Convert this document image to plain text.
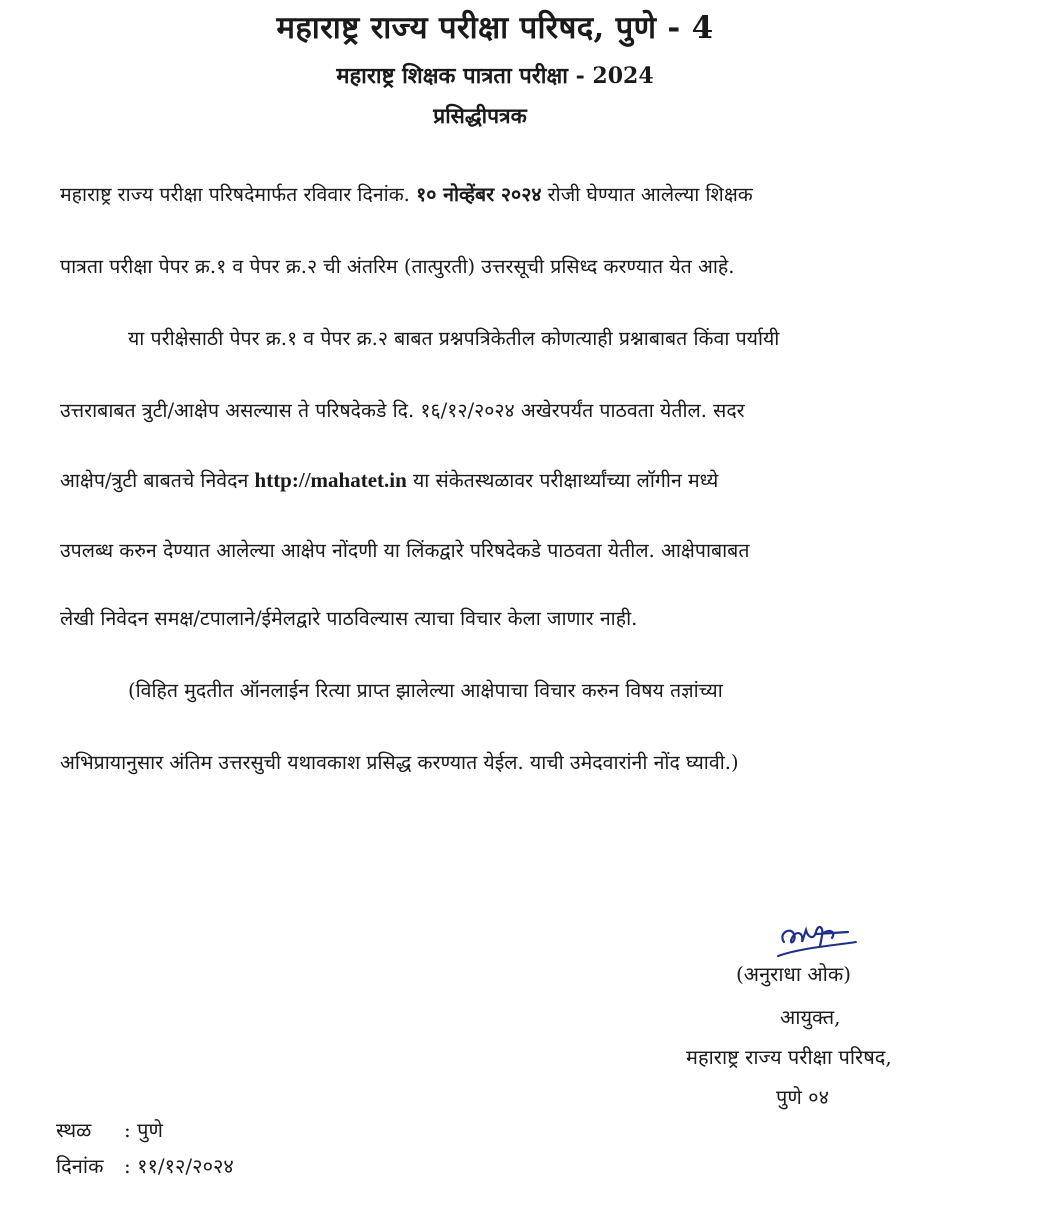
महाराष्ट्र राज्य परीक्षा परिषद, पुणे - 4
महाराष्ट्र शिक्षक पात्रता परीक्षा - 2024
प्रसिद्धीपत्रक
महाराष्ट्र राज्य परीक्षा परिषदेमार्फत रविवार दिनांक. १० नोव्हेंबर २०२४ रोजी घेण्यात आलेल्या शिक्षक
पात्रता परीक्षा पेपर क्र.१ व पेपर क्र.२ ची अंतरिम (तात्पुरती) उत्तरसूची प्रसिध्द करण्यात येत आहे.
या परीक्षेसाठी पेपर क्र.१ व पेपर क्र.२ बाबत प्रश्नपत्रिकेतील कोणत्याही प्रश्नाबाबत किंवा पर्यायी
उत्तराबाबत त्रुटी/आक्षेप असल्यास ते परिषदेकडे दि. १६/१२/२०२४ अखेरपर्यंत पाठवता येतील. सदर
आक्षेप/त्रुटी बाबतचे निवेदन http://mahatet.in या संकेतस्थळावर परीक्षार्थ्यांच्या लॉगीन मध्ये
उपलब्ध करुन देण्यात आलेल्या आक्षेप नोंदणी या लिंकद्वारे परिषदेकडे पाठवता येतील. आक्षेपाबाबत
लेखी निवेदन समक्ष/टपालाने/ईमेलद्वारे पाठविल्यास त्याचा विचार केला जाणार नाही.
(विहित मुदतीत ऑनलाईन रित्या प्राप्त झालेल्या आक्षेपाचा विचार करुन विषय तज्ञांच्या
अभिप्रायानुसार अंतिम उत्तरसुची यथावकाश प्रसिद्ध करण्यात येईल. याची उमेदवारांनी नोंद घ्यावी.)
(अनुराधा ओक)
आयुक्त,
महाराष्ट्र राज्य परीक्षा परिषद,
पुणे ०४
स्थळ : पुणे
दिनांक : ११/१२/२०२४
